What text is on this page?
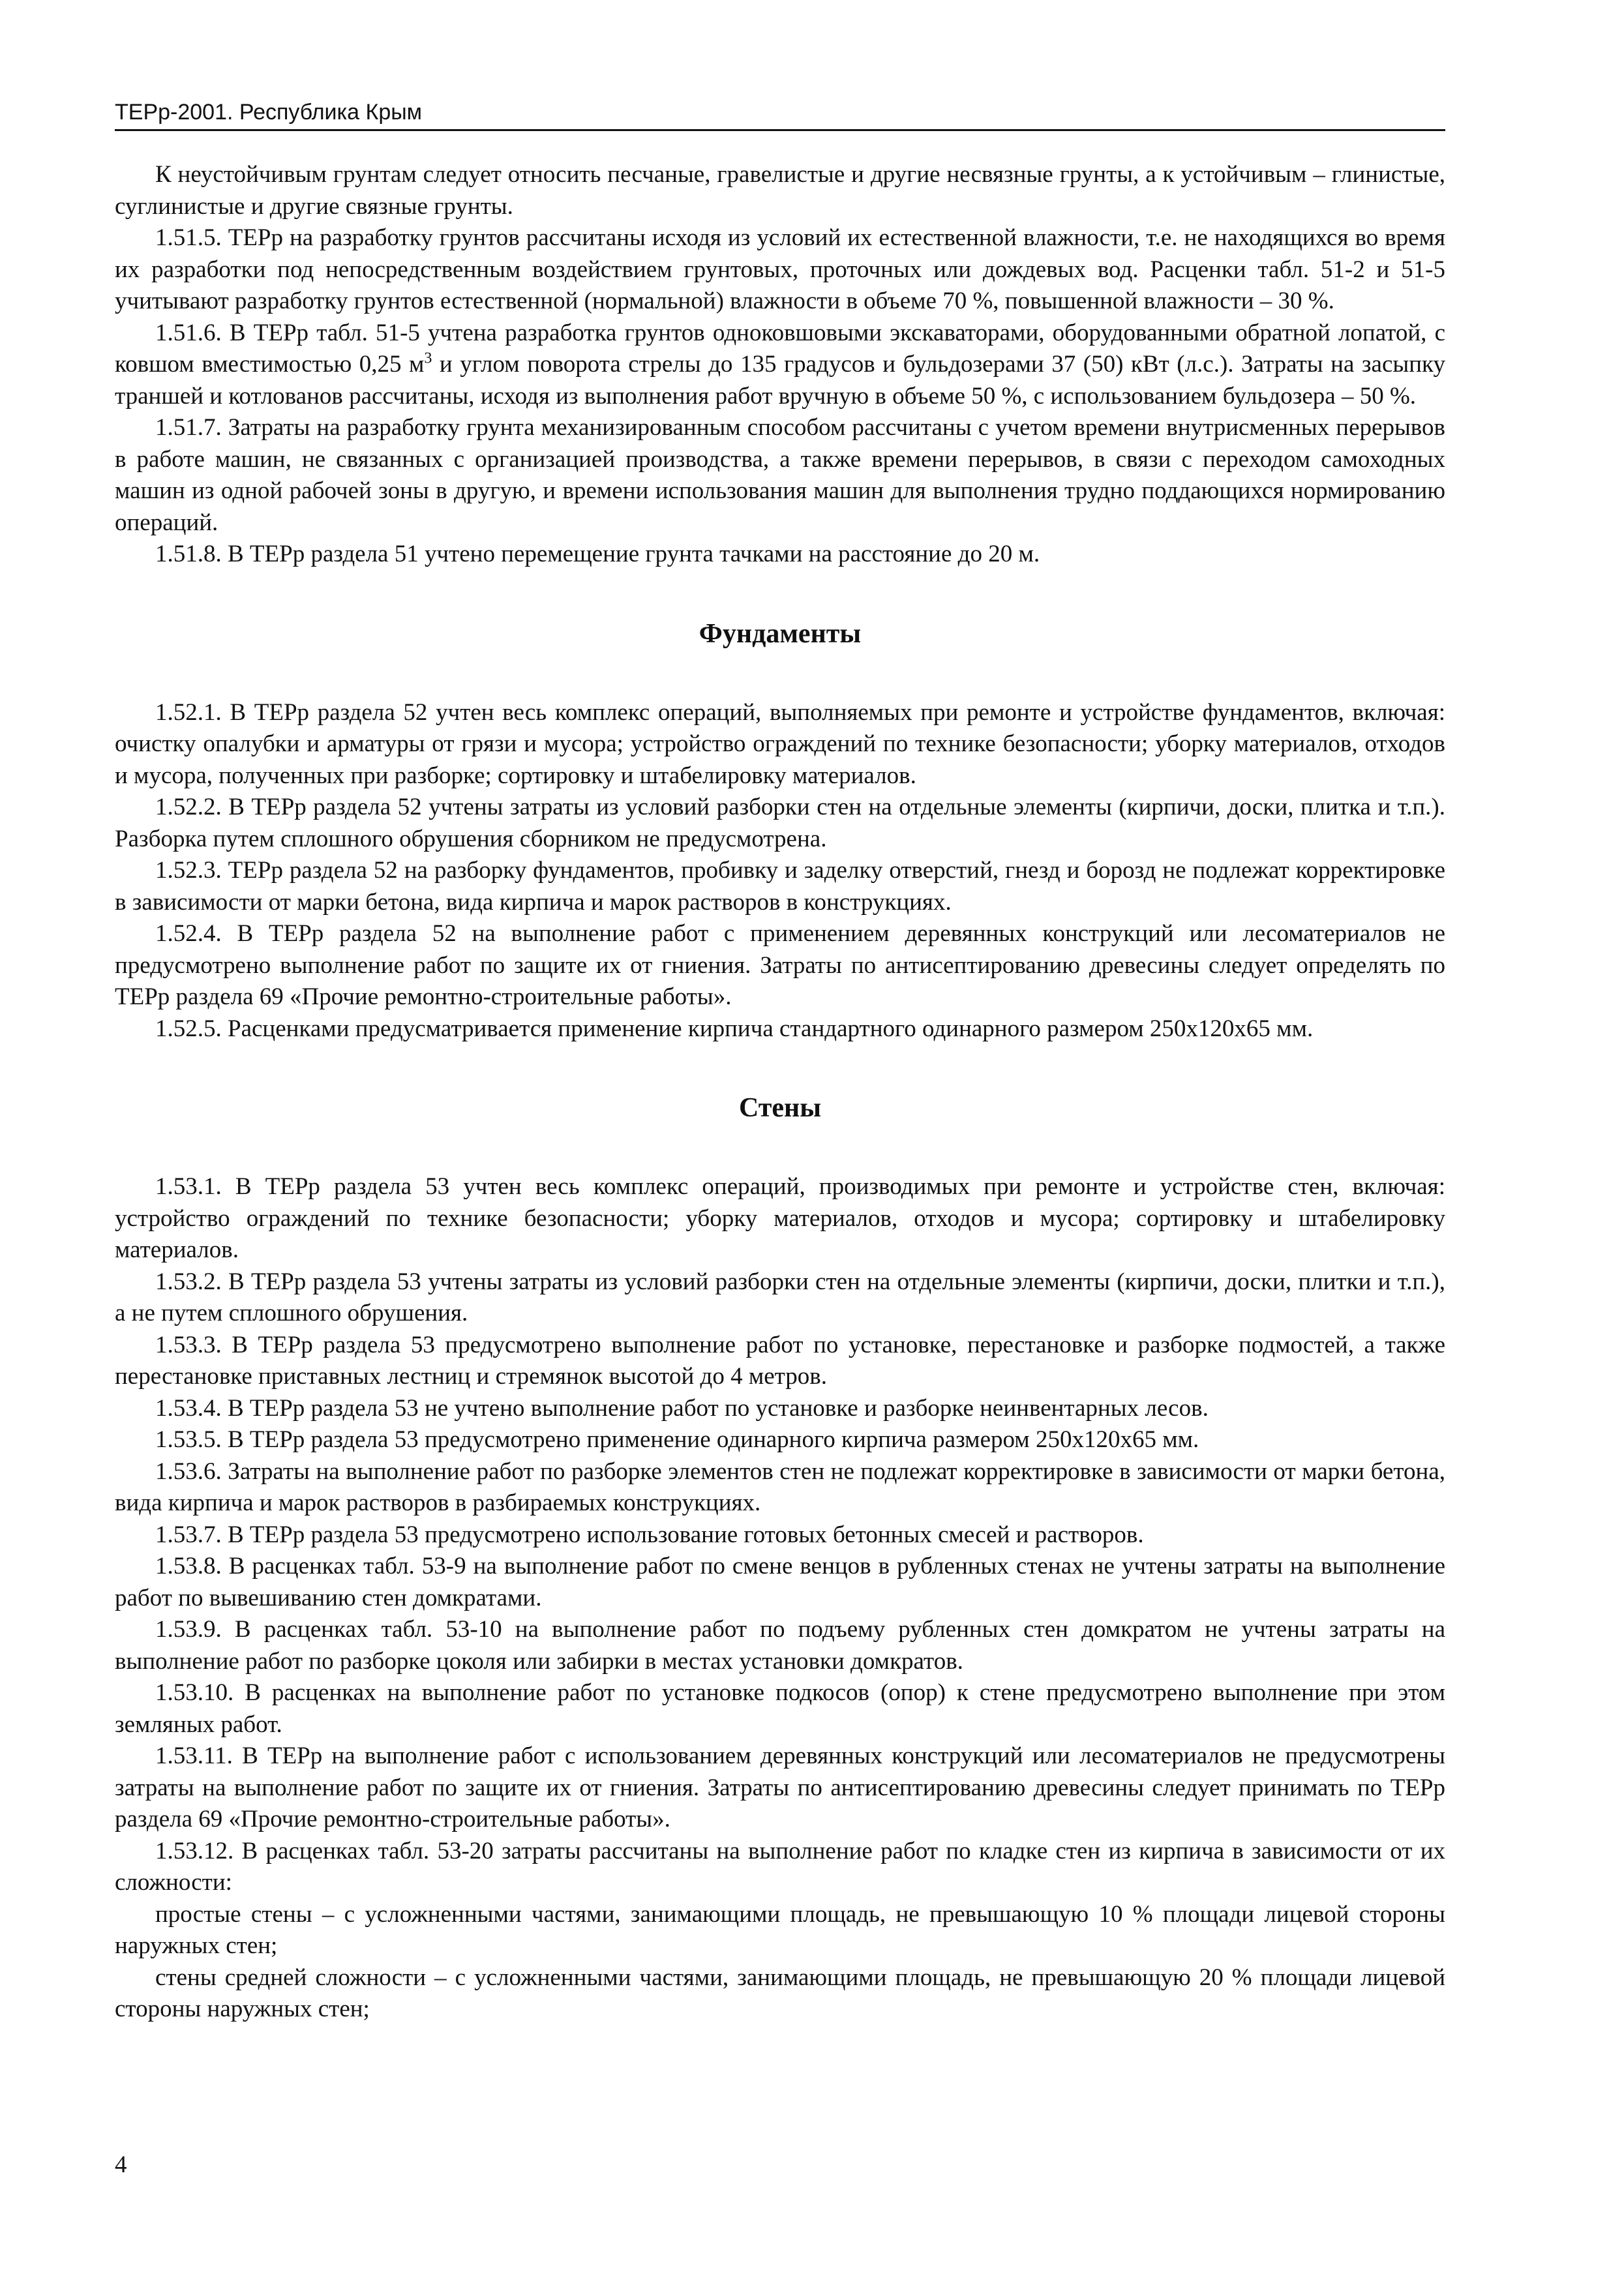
ТЕРр-2001. Республика Крым

К неустойчивым грунтам следует относить песчаные, гравелистые и другие несвязные грунты, а к устойчивым – глинистые, суглинистые и другие связные грунты.

1.51.5. ТЕРр на разработку грунтов рассчитаны исходя из условий их естественной влажности, т.е. не находящихся во время их разработки под непосредственным воздействием грунтовых, проточных или дождевых вод. Расценки табл. 51-2 и 51-5 учитывают разработку грунтов естественной (нормальной) влажности в объеме 70 %, повышенной влажности – 30 %.

1.51.6. В ТЕРр табл. 51-5 учтена разработка грунтов одноковшовыми экскаваторами, оборудованными обратной лопатой, с ковшом вместимостью 0,25 $м^3$ и углом поворота стрелы до 135 градусов и бульдозерами 37 (50) кВт (л.с.). Затраты на засыпку траншей и котлованов рассчитаны, исходя из выполнения работ вручную в объеме 50 %, с использованием бульдозера – 50 %.

1.51.7. Затраты на разработку грунта механизированным способом рассчитаны с учетом времени внутрисменных перерывов в работе машин, не связанных с организацией производства, а также времени перерывов, в связи с переходом самоходных машин из одной рабочей зоны в другую, и времени использования машин для выполнения трудно поддающихся нормированию операций.

1.51.8. В ТЕРр раздела 51 учтено перемещение грунта тачками на расстояние до 20 м.

Фундаменты

1.52.1. В ТЕРр раздела 52 учтен весь комплекс операций, выполняемых при ремонте и устройстве фундаментов, включая: очистку опалубки и арматуры от грязи и мусора; устройство ограждений по технике безопасности; уборку материалов, отходов и мусора, полученных при разборке; сортировку и штабелировку материалов.

1.52.2. В ТЕРр раздела 52 учтены затраты из условий разборки стен на отдельные элементы (кирпичи, доски, плитка и т.п.). Разборка путем сплошного обрушения сборником не предусмотрена.

1.52.3. ТЕРр раздела 52 на разборку фундаментов, пробивку и заделку отверстий, гнезд и борозд не подлежат корректировке в зависимости от марки бетона, вида кирпича и марок растворов в конструкциях.

1.52.4. В ТЕРр раздела 52 на выполнение работ с применением деревянных конструкций или лесоматериалов не предусмотрено выполнение работ по защите их от гниения. Затраты по антисептированию древесины следует определять по ТЕРр раздела 69 «Прочие ремонтно-строительные работы».

1.52.5. Расценками предусматривается применение кирпича стандартного одинарного размером 250х120х65 мм.

Стены

1.53.1. В ТЕРр раздела 53 учтен весь комплекс операций, производимых при ремонте и устройстве стен, включая: устройство ограждений по технике безопасности; уборку материалов, отходов и мусора; сортировку и штабелировку материалов.

1.53.2. В ТЕРр раздела 53 учтены затраты из условий разборки стен на отдельные элементы (кирпичи, доски, плитки и т.п.), а не путем сплошного обрушения.

1.53.3. В ТЕРр раздела 53 предусмотрено выполнение работ по установке, перестановке и разборке подмостей, а также перестановке приставных лестниц и стремянок высотой до 4 метров.

1.53.4. В ТЕРр раздела 53 не учтено выполнение работ по установке и разборке неинвентарных лесов.

1.53.5. В ТЕРр раздела 53 предусмотрено применение одинарного кирпича размером 250х120х65 мм.

1.53.6. Затраты на выполнение работ по разборке элементов стен не подлежат корректировке в зависимости от марки бетона, вида кирпича и марок растворов в разбираемых конструкциях.

1.53.7. В ТЕРр раздела 53 предусмотрено использование готовых бетонных смесей и растворов.

1.53.8. В расценках табл. 53-9 на выполнение работ по смене венцов в рубленных стенах не учтены затраты на выполнение работ по вывешиванию стен домкратами.

1.53.9. В расценках табл. 53-10 на выполнение работ по подъему рубленных стен домкратом не учтены затраты на выполнение работ по разборке цоколя или забирки в местах установки домкратов.

1.53.10. В расценках на выполнение работ по установке подкосов (опор) к стене предусмотрено выполнение при этом земляных работ.

1.53.11. В ТЕРр на выполнение работ с использованием деревянных конструкций или лесоматериалов не предусмотрены затраты на выполнение работ по защите их от гниения. Затраты по антисептированию древесины следует принимать по ТЕРр раздела 69 «Прочие ремонтно-строительные работы».

1.53.12. В расценках табл. 53-20 затраты рассчитаны на выполнение работ по кладке стен из кирпича в зависимости от их сложности:

простые стены – с усложненными частями, занимающими площадь, не превышающую 10 % площади лицевой стороны наружных стен;

стены средней сложности – с усложненными частями, занимающими площадь, не превышающую 20 % площади лицевой стороны наружных стен;

4
